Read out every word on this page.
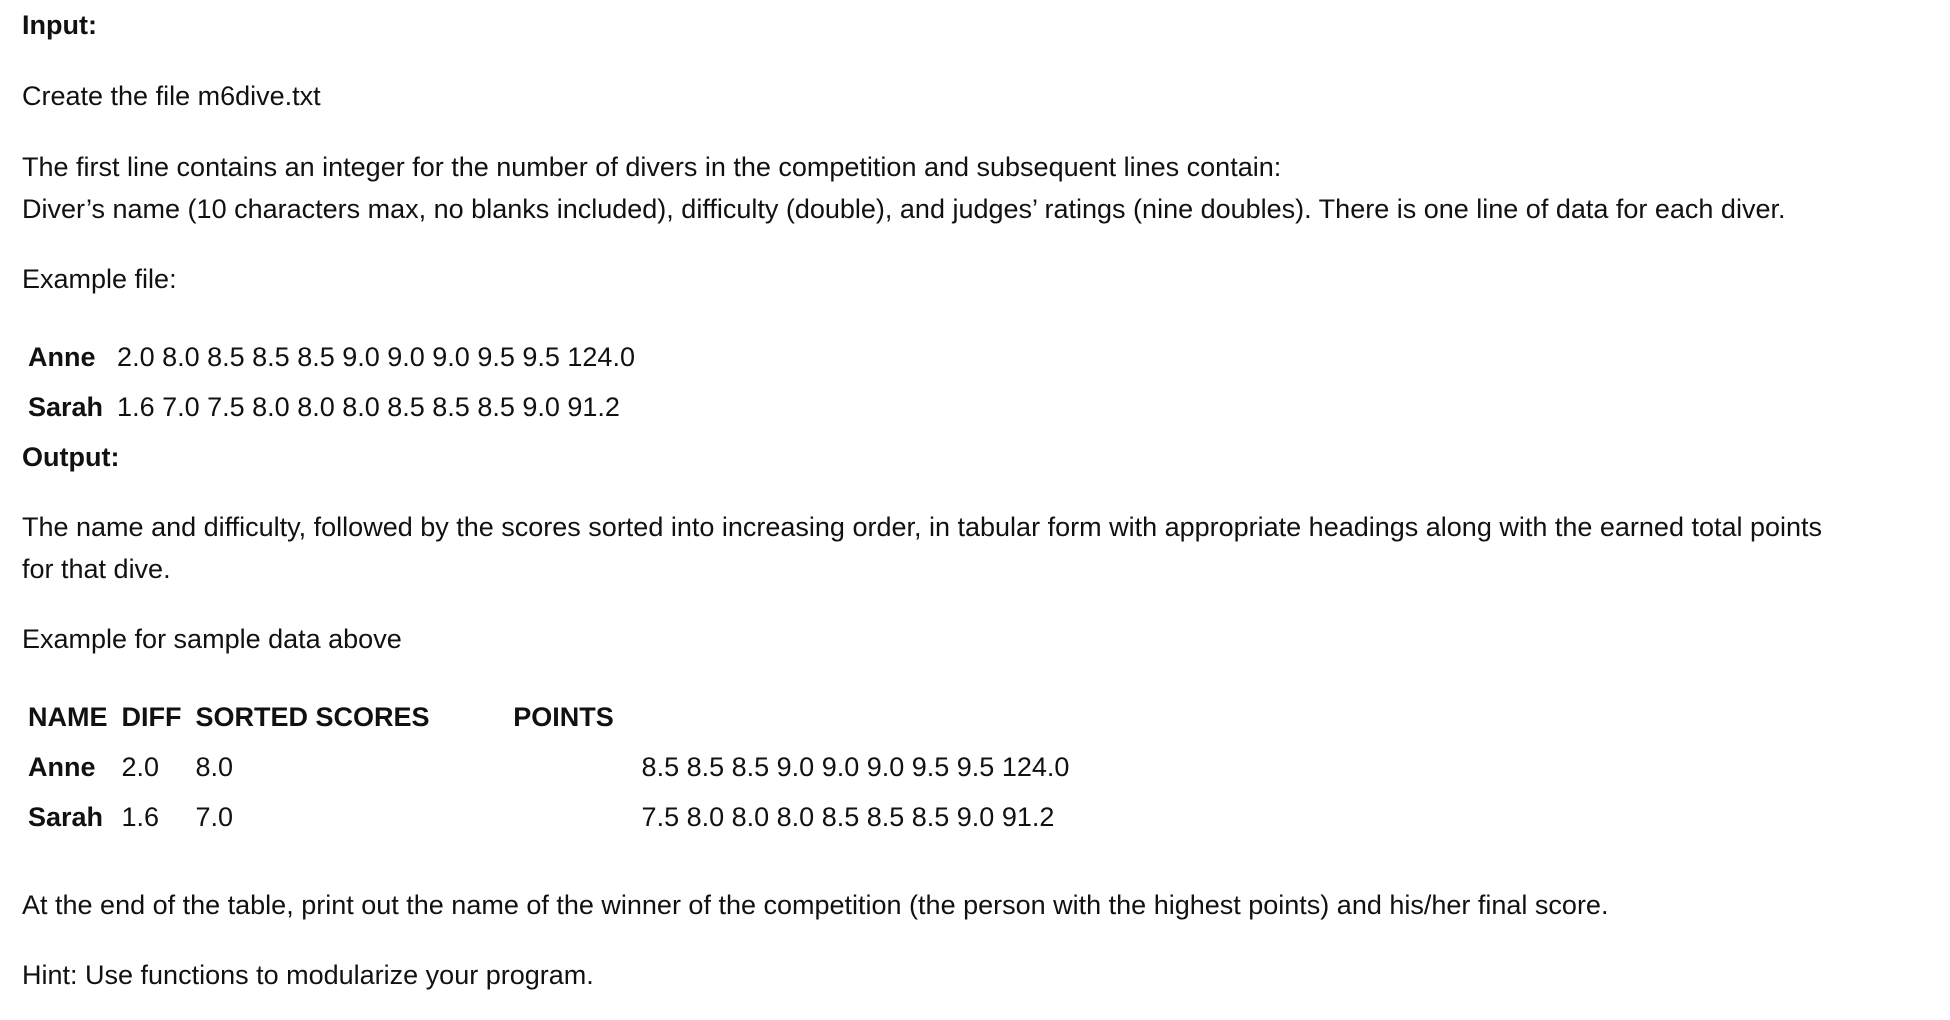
Input:
Create the file m6dive.txt
The first line contains an integer for the number of divers in the competition and subsequent lines contain:
Diver’s name (10 characters max, no blanks included), difficulty (double), and judges’ ratings (nine doubles). There is one line of data for each diver.
Example file:
Anne	2.0 8.0 8.5 8.5 8.5 9.0 9.0 9.0 9.5 9.5 124.0
Sarah	1.6 7.0 7.5 8.0 8.0 8.0 8.5 8.5 8.5 9.0 91.2
Output:
The name and difficulty, followed by the scores sorted into increasing order, in tabular form with appropriate headings along with the earned total points
for that dive.
Example for sample data above
NAME	DIFF	SORTED SCORES		POINTS
Anne	2.0	8.0	8.5 8.5 8.5 9.0 9.0 9.0 9.5 9.5 124.0	
Sarah	1.6	7.0	7.5 8.0 8.0 8.0 8.5 8.5 8.5 9.0 91.2	
At the end of the table, print out the name of the winner of the competition (the person with the highest points) and his/her final score.
Hint: Use functions to modularize your program.
